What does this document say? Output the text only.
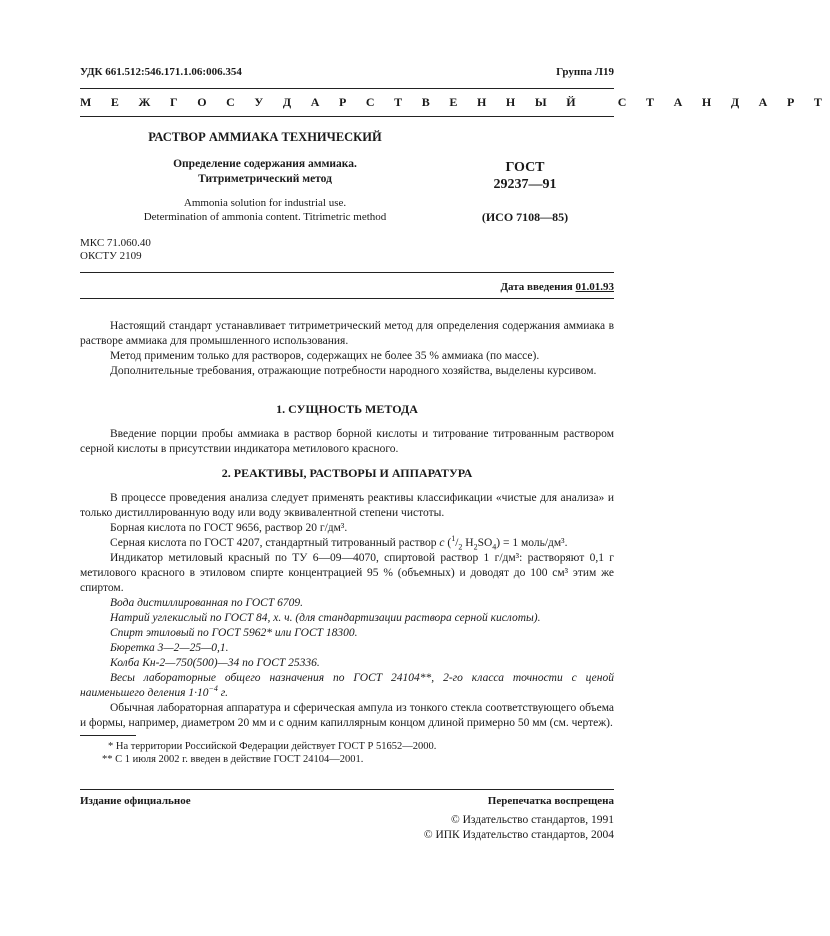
УДК 661.512:546.171.1.06:006.354	Группа Л19
М Е Ж Г О С У Д А Р С Т В Е Н Н Ы Й   С Т А Н Д А Р Т
РАСТВОР АММИАКА ТЕХНИЧЕСКИЙ
Определение содержания аммиака.
Титриметрический метод
Ammonia solution for industrial use.
Determination of ammonia content. Titrimetric method
ГОСТ
29237—91
(ИСО 7108—85)
МКС 71.060.40
ОКСТУ 2109
Дата введения 01.01.93

Настоящий стандарт устанавливает титриметрический метод для определения содержания аммиака в растворе аммиака для промышленного использования.

Метод применим только для растворов, содержащих не более 35 % аммиака (по массе).

Дополнительные требования, отражающие потребности народного хозяйства, выделены курсивом.

1. СУЩНОСТЬ МЕТОДА

Введение порции пробы аммиака в раствор борной кислоты и титрование титрованным раствором серной кислоты в присутствии индикатора метилового красного.

2. РЕАКТИВЫ, РАСТВОРЫ И АППАРАТУРА

В процессе проведения анализа следует применять реактивы классификации «чистые для анализа» и только дистиллированную воду или воду эквивалентной степени чистоты.

Борная кислота по ГОСТ 9656, раствор 20 г/дм³.

Серная кислота по ГОСТ 4207, стандартный титрованный раствор c ($^1/_2$ $H_2SO_4) = 1$ моль/дм³.

Индикатор метиловый красный по ТУ 6—09—4070, спиртовой раствор 1 г/дм³: растворяют 0,1 г метилового красного в этиловом спирте концентрацией 95 % (объемных) и доводят до 100 см³ этим же спиртом.

Вода дистиллированная по ГОСТ 6709.

Натрий углекислый по ГОСТ 84, х. ч. (для стандартизации раствора серной кислоты).

Спирт этиловый по ГОСТ 5962* или ГОСТ 18300.

Бюретка 3—2—25—0,1.

Колба Кн-2—750(500)—34 по ГОСТ 25336.

Весы лабораторные общего назначения по ГОСТ 24104**, 2-го класса точности с ценой наименьшего деления $1\cdot 10^{-4}$ г.

Обычная лабораторная аппаратура и сферическая ампула из тонкого стекла соответствующего объема и формы, например, диаметром 20 мм и с одним капиллярным концом длиной примерно 50 мм (см. чертеж).

* На территории Российской Федерации действует ГОСТ Р 51652—2000.
** С 1 июля 2002 г. введен в действие ГОСТ 24104—2001.
Издание официальное	Перепечатка воспрещена
© Издательство стандартов, 1991
© ИПК Издательство стандартов, 2004
